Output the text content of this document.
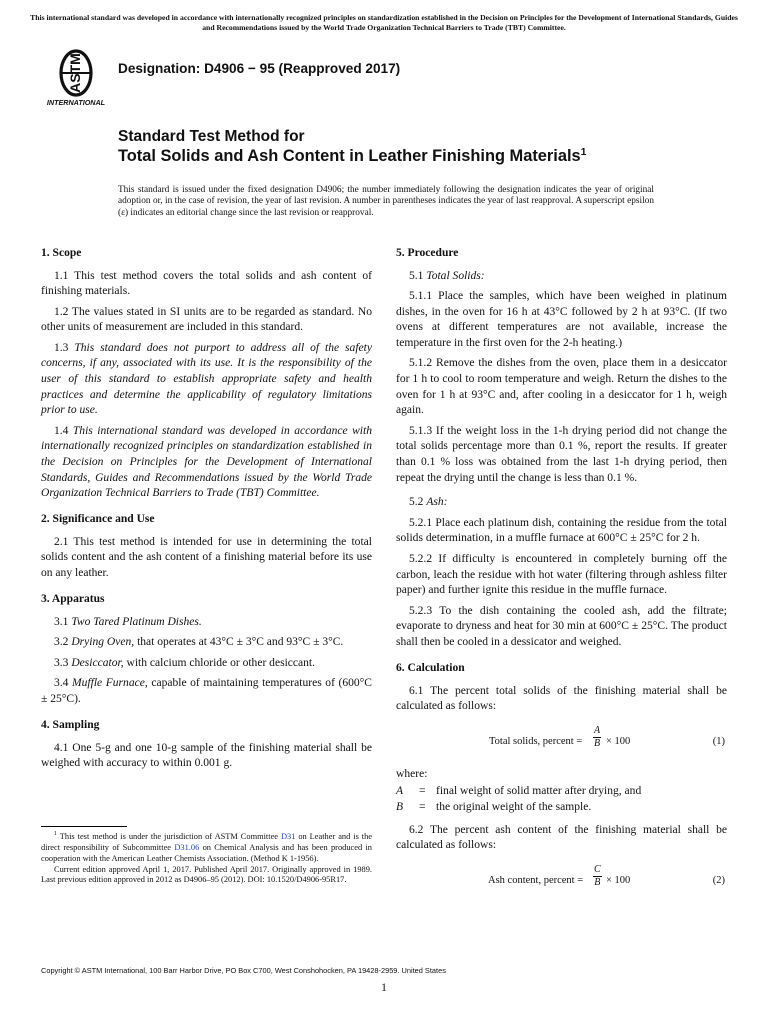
This international standard was developed in accordance with internationally recognized principles on standardization established in the Decision on Principles for the Development of International Standards, Guides and Recommendations issued by the World Trade Organization Technical Barriers to Trade (TBT) Committee.
ASTM
INTERNATIONAL
Designation: D4906 − 95 (Reapproved 2017)
Standard Test Method for
Total Solids and Ash Content in Leather Finishing Materials$^1$
This standard is issued under the fixed designation D4906; the number immediately following the designation indicates the year of original adoption or, in the case of revision, the year of last revision. A number in parentheses indicates the year of last reapproval. A superscript epsilon (ε) indicates an editorial change since the last revision or reapproval.
1. Scope

1.1 This test method covers the total solids and ash content of finishing materials.

1.2 The values stated in SI units are to be regarded as standard. No other units of measurement are included in this standard.

1.3 This standard does not purport to address all of the safety concerns, if any, associated with its use. It is the responsibility of the user of this standard to establish appropriate safety and health practices and determine the applicability of regulatory limitations prior to use.

1.4 This international standard was developed in accordance with internationally recognized principles on standardization established in the Decision on Principles for the Development of International Standards, Guides and Recommendations issued by the World Trade Organization Technical Barriers to Trade (TBT) Committee.

2. Significance and Use

2.1 This test method is intended for use in determining the total solids content and the ash content of a finishing material before its use on any leather.

3. Apparatus

3.1 Two Tared Platinum Dishes.

3.2 Drying Oven, that operates at 43°C ± 3°C and 93°C ± 3°C.

3.3 Desiccator, with calcium chloride or other desiccant.

3.4 Muffle Furnace, capable of maintaining temperatures of (600°C ± 25°C).

4. Sampling

4.1 One 5-g and one 10-g sample of the finishing material shall be weighed with accuracy to within 0.001 g.

$^1$ This test method is under the jurisdiction of ASTM Committee D31 on Leather and is the direct responsibility of Subcommittee D31.06 on Chemical Analysis and has been produced in cooperation with the American Leather Chemists Association. (Method K 1-1956).

Current edition approved April 1, 2017. Published April 2017. Originally approved in 1989. Last previous edition approved in 2012 as D4906–95 (2012). DOI: 10.1520/D4906-95R17.

5. Procedure

5.1 Total Solids:

5.1.1 Place the samples, which have been weighed in platinum dishes, in the oven for 16 h at 43°C followed by 2 h at 93°C. (If two ovens at different temperatures are not available, increase the temperature in the first oven for the 2-h heating.)

5.1.2 Remove the dishes from the oven, place them in a desiccator for 1 h to cool to room temperature and weigh. Return the dishes to the oven for 1 h at 93°C and, after cooling in a desiccator for 1 h, weigh again.

5.1.3 If the weight loss in the 1-h drying period did not change the total solids percentage more than 0.1 %, report the results. If greater than 0.1 % loss was obtained from the last 1-h drying period, then repeat the drying until the change is less than 0.1 %.

5.2 Ash:

5.2.1 Place each platinum dish, containing the residue from the total solids determination, in a muffle furnace at 600°C ± 25°C for 2 h.

5.2.2 If difficulty is encountered in completely burning off the carbon, leach the residue with hot water (filtering through ashless filter paper) and further ignite this residue in the muffle furnace.

5.2.3 To the dish containing the cooled ash, add the filtrate; evaporate to dryness and heat for 30 min at 600°C ± 25°C. The product shall then be cooled in a dessicator and weighed.

6. Calculation

6.1 The percent total solids of the finishing material shall be calculated as follows:

Total solids, percent = $\frac{A}{B} \times 100$	(1)

where:

A = final weight of solid matter after drying, and
B = the original weight of the sample.

6.2 The percent ash content of the finishing material shall be calculated as follows:

Ash content, percent = $\frac{C}{B} \times 100$	(2)
Copyright © ASTM International, 100 Barr Harbor Drive, PO Box C700, West Conshohocken, PA 19428-2959. United States
1
